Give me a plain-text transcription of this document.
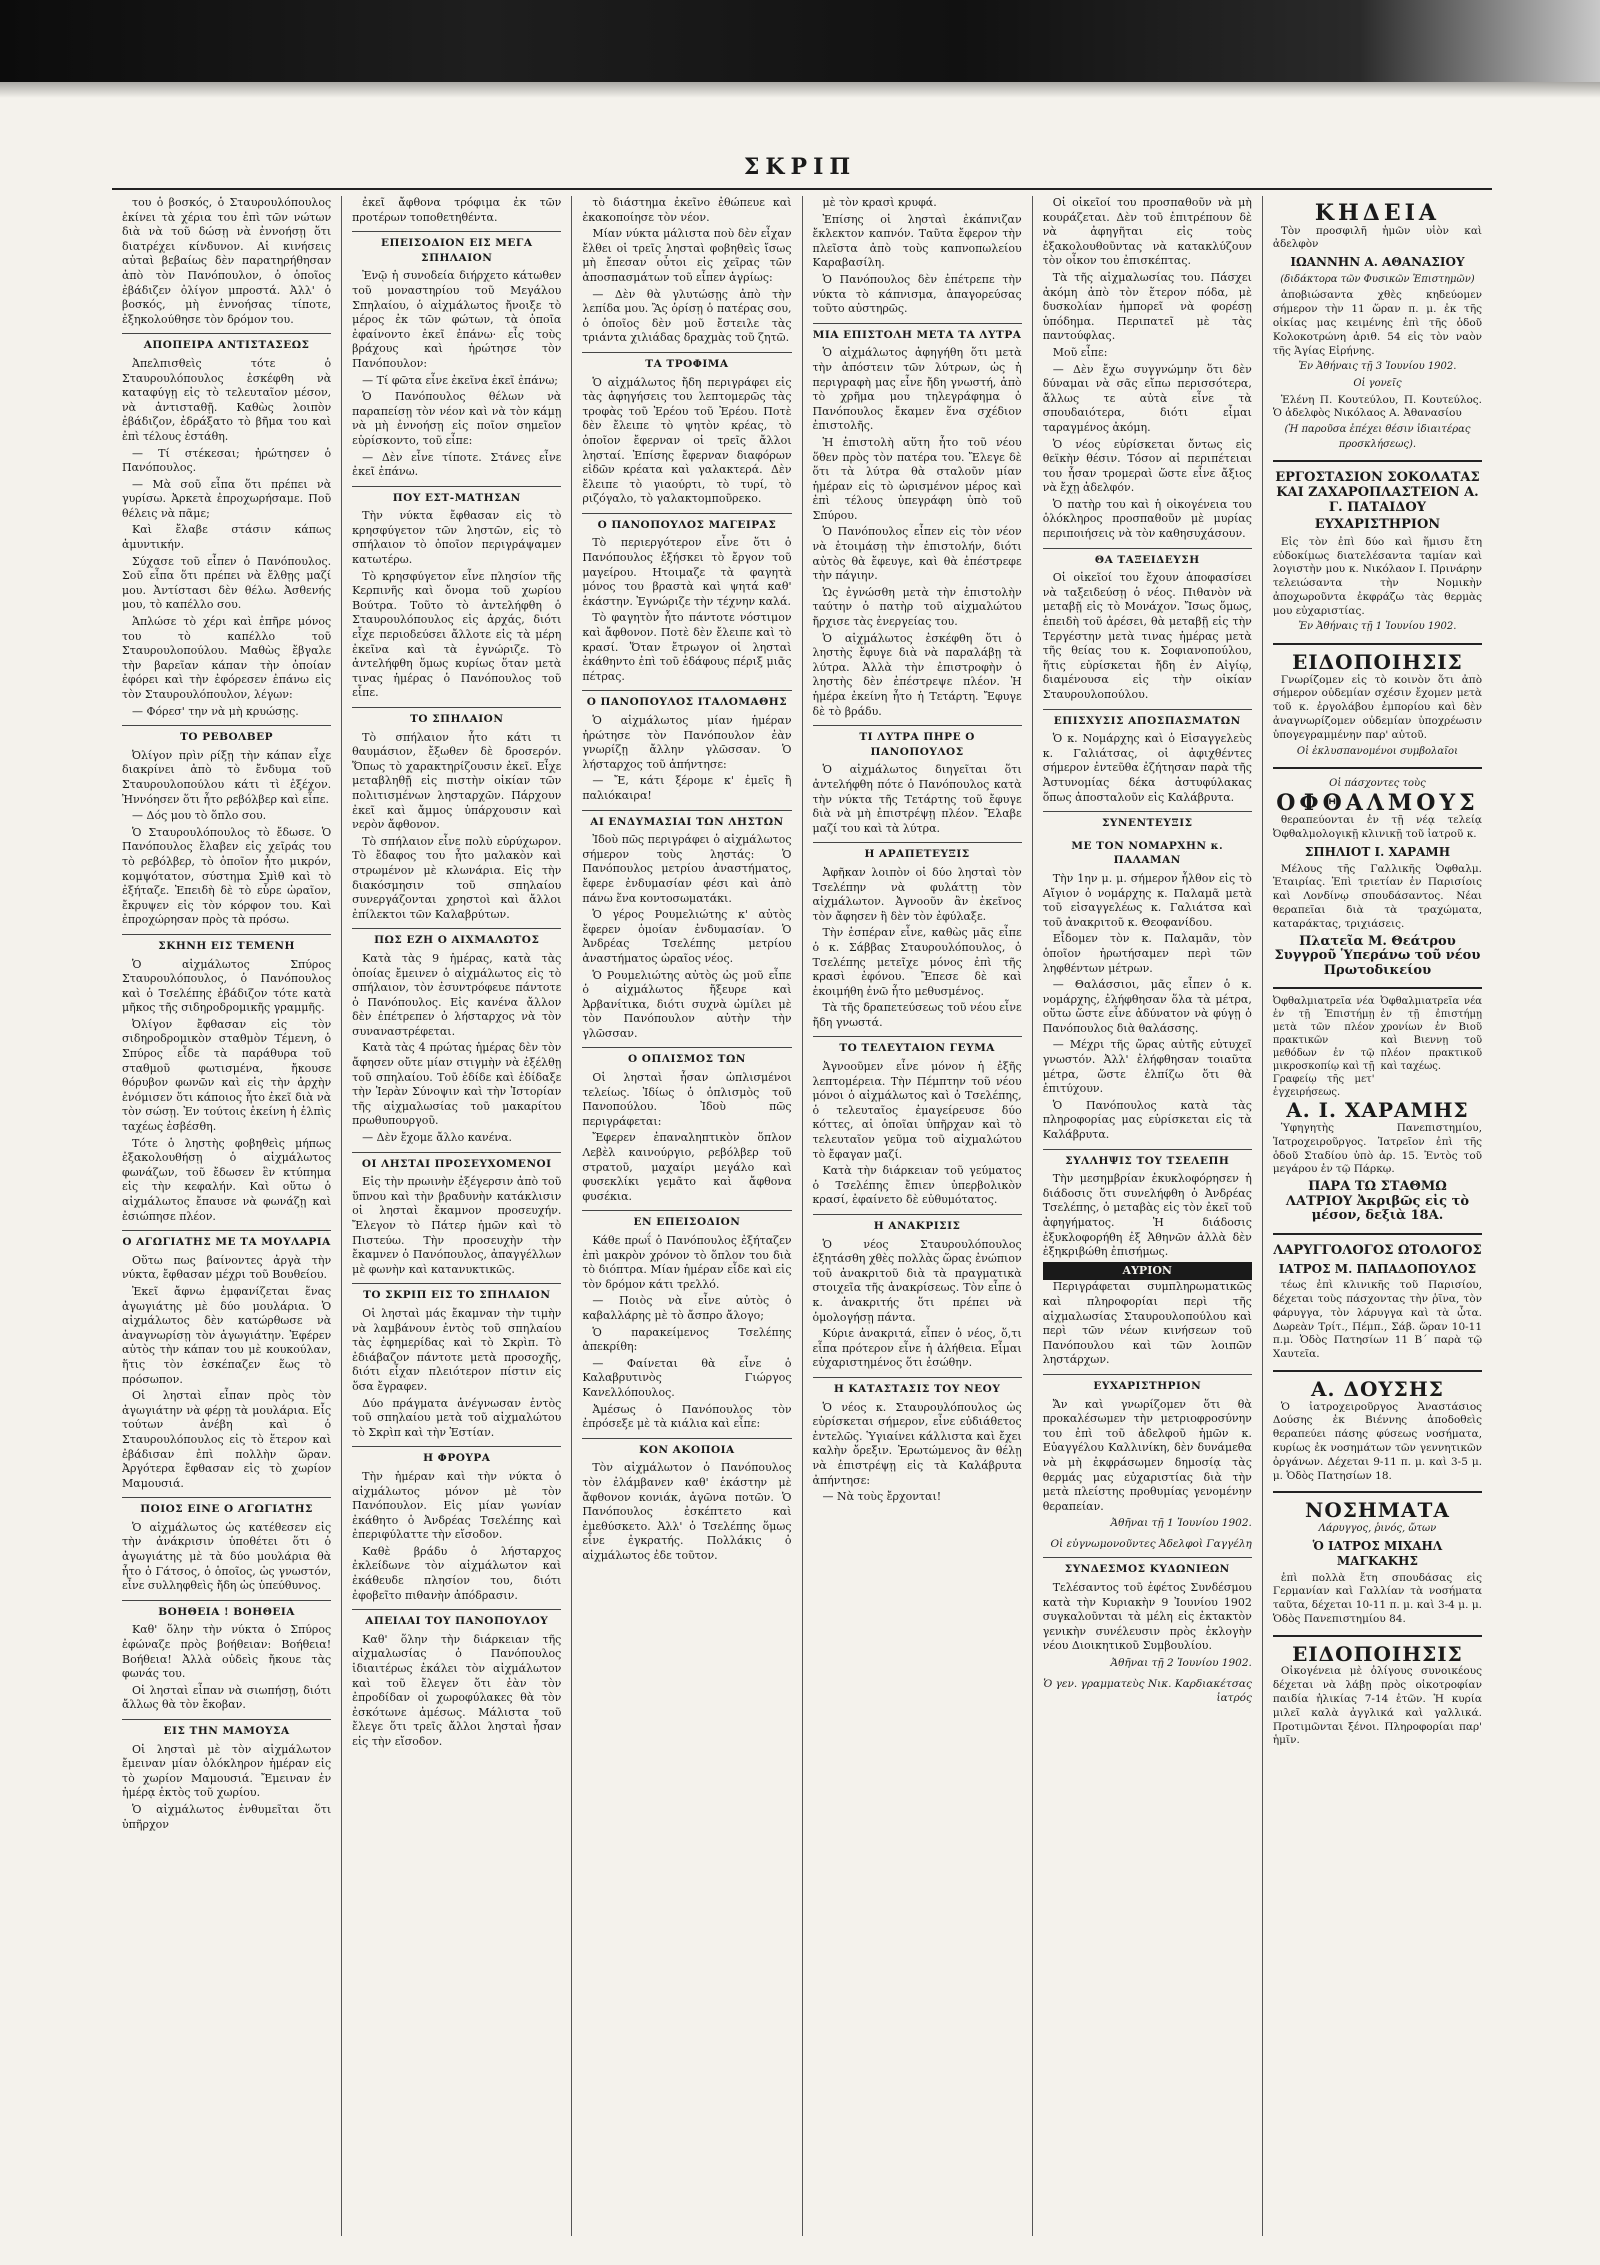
ΣΚΡΙΠ

του ὁ βοσκός, ὁ Σταυρουλόπουλος ἐκίνει τὰ χέρια του ἐπὶ τῶν νώτων διὰ νὰ τοῦ δώσῃ νὰ ἐννοήσῃ ὅτι διατρέχει κίνδυνον. Αἱ κινήσεις αὐταὶ βεβαίως δὲν παρατηρήθησαν ἀπὸ τὸν Πανόπουλον, ὁ ὁποῖος ἐβάδιζεν ὀλίγον μπροστά. Ἀλλ' ὁ βοσκός, μὴ ἐννοήσας τίποτε, ἐξηκολούθησε τὸν δρόμον του.

ΑΠΟΠΕΙΡΑ ΑΝΤΙΣΤΑΣΕΩΣ

Ἀπελπισθεὶς τότε ὁ Σταυρουλόπουλος ἐσκέφθη νὰ καταφύγῃ εἰς τὸ τελευταῖον μέσον, νὰ ἀντισταθῇ. Καθὼς λοιπὸν ἐβάδιζον, ἐδράξατο τὸ βῆμα του καὶ ἐπὶ τέλους ἐστάθη.

— Τί στέκεσαι; ἠρώτησεν ὁ Πανόπουλος.

— Μὰ σοῦ εἶπα ὅτι πρέπει νὰ γυρίσω. Ἀρκετὰ ἐπροχωρήσαμε. Ποῦ θέλεις νὰ πᾶμε;

Καὶ ἔλαβε στάσιν κάπως ἀμυντικήν.

Σύχασε τοῦ εἶπεν ὁ Πανόπουλος. Σοῦ εἶπα ὅτι πρέπει νὰ ἔλθῃς μαζί μου. Ἀντίστασι δὲν θέλω. Ἀσθενής μου, τὸ καπέλλο σου.

Ἁπλώσε τὸ χέρι καὶ ἐπῆρε μόνος του τὸ καπέλλο τοῦ Σταυρουλοπούλου. Μαθὼς ἔβγαλε τὴν βαρεῖαν κάπαν τὴν ὁποίαν ἐφόρει καὶ τὴν ἐφόρεσεν ἐπάνω εἰς τὸν Σταυρουλόπουλον, λέγων:

— Φόρεσ' την νὰ μὴ κρυώσῃς.

ΤΟ ΡΕΒΟΛΒΕΡ

Ὀλίγον πρὶν ρίξῃ τὴν κάπαν εἶχε διακρίνει ἀπὸ τὸ ἔνδυμα τοῦ Σταυρουλοπούλου κάτι τὶ ἐξέχον. Ἠννόησεν ὅτι ἦτο ρεβόλβερ καὶ εἶπε.

— Δός μου τὸ ὅπλο σου.

Ὁ Σταυρουλόπουλος τὸ ἔδωσε. Ὁ Πανόπουλος ἔλαβεν εἰς χεῖράς του τὸ ρεβόλβερ, τὸ ὁποῖον ἦτο μικρόν, κομψότατον, σύστημα Σμὶθ καὶ τὸ ἐξήταζε. Ἐπειδὴ δὲ τὸ εὗρε ὡραῖον, ἔκρυψεν εἰς τὸν κόρφον του. Καὶ ἐπροχώρησαν πρὸς τὰ πρόσω.

ΣΚΗΝΗ ΕΙΣ ΤΕΜΕΝΗ

Ὁ αἰχμάλωτος Σπύρος Σταυρουλόπουλος, ὁ Πανόπουλος καὶ ὁ Τσελέπης ἐβάδιζον τότε κατὰ μῆκος τῆς σιδηροδρομικῆς γραμμῆς.

Ὀλίγον ἔφθασαν εἰς τὸν σιδηροδρομικὸν σταθμὸν Τέμενη, ὁ Σπύρος εἶδε τὰ παράθυρα τοῦ σταθμοῦ φωτισμένα, ἤκουσε θόρυβον φωνῶν καὶ εἰς τὴν ἀρχὴν ἐνόμισεν ὅτι κάποιος ἦτο ἐκεῖ διὰ νὰ τὸν σώσῃ. Ἐν τούτοις ἐκείνη ἡ ἐλπὶς ταχέως ἐσβέσθη.

Τότε ὁ ληστὴς φοβηθεὶς μήπως ἐξακολουθήσῃ ὁ αἰχμάλωτος φωνάζων, τοῦ ἔδωσεν ἓν κτύπημα εἰς τὴν κεφαλήν. Καὶ οὕτω ὁ αἰχμάλωτος ἔπαυσε νὰ φωνάζῃ καὶ ἐσιώπησε πλέον.

Ο ΑΓΩΓΙΑΤΗΣ ΜΕ ΤΑ ΜΟΥΛΑΡΙΑ

Οὕτω πως βαίνοντες ἀργὰ τὴν νύκτα, ἔφθασαν μέχρι τοῦ Βουθείου.

Ἐκεῖ ἄφνω ἐμφανίζεται ἕνας ἀγωγιάτης μὲ δύο μουλάρια. Ὁ αἰχμάλωτος δὲν κατώρθωσε νὰ ἀναγνωρίσῃ τὸν ἀγωγιάτην. Ἐφέρεν αὐτὸς τὴν κάπαν του μὲ κουκούλαν, ἥτις τὸν ἐσκέπαζεν ἕως τὸ πρόσωπον.

Οἱ λησταὶ εἶπαν πρὸς τὸν ἀγωγιάτην νὰ φέρῃ τὰ μουλάρια. Εἷς τούτων ἀνέβη καὶ ὁ Σταυρουλόπουλος εἰς τὸ ἕτερον καὶ ἐβάδισαν ἐπὶ πολλὴν ὥραν. Ἀργότερα ἔφθασαν εἰς τὸ χωρίον Μαμουσιά.

ΠΟΙΟΣ ΕΙΝΕ Ο ΑΓΩΓΙΑΤΗΣ

Ὁ αἰχμάλωτος ὡς κατέθεσεν εἰς τὴν ἀνάκρισιν ὑποθέτει ὅτι ὁ ἀγωγιάτης μὲ τὰ δύο μουλάρια θὰ ἦτο ὁ Γάτσος, ὁ ὁποῖος, ὡς γνωστόν, εἶνε συλληφθεὶς ἤδη ὡς ὑπεύθυνος.

ΒΟΗΘΕΙΑ ! ΒΟΗΘΕΙΑ

Καθ' ὅλην τὴν νύκτα ὁ Σπύρος ἐφώναζε πρὸς βοήθειαν: Βοήθεια! Βοήθεια! Ἀλλὰ οὐδεὶς ἤκουε τὰς φωνάς του.

Οἱ λησταὶ εἶπαν νὰ σιωπήσῃ, διότι ἄλλως θὰ τὸν ἔκοβαν.

ΕΙΣ ΤΗΝ ΜΑΜΟΥΣΑ

Οἱ λησταὶ μὲ τὸν αἰχμάλωτον ἔμειναν μίαν ὁλόκληρον ἡμέραν εἰς τὸ χωρίον Μαμουσιά. Ἔμειναν ἐν ἡμέρᾳ ἐκτὸς τοῦ χωρίου.

Ὁ αἰχμάλωτος ἐνθυμεῖται ὅτι ὑπῆρχον

ἐκεῖ ἄφθονα τρόφιμα ἐκ τῶν προτέρων τοποθετηθέντα.

ΕΠΕΙΣΟΔΙΟΝ ΕΙΣ ΜΕΓΑ ΣΠΗΛΑΙΟΝ

Ἐνῷ ἡ συνοδεία διήρχετο κάτωθεν τοῦ μοναστηρίου τοῦ Μεγάλου Σπηλαίου, ὁ αἰχμάλωτος ἤνοιξε τὸ μέρος ἐκ τῶν φώτων, τὰ ὁποῖα ἐφαίνοντο ἐκεῖ ἐπάνω· εἶς τοὺς βράχους καὶ ἠρώτησε τὸν Πανόπουλον:

— Τί φῶτα εἶνε ἐκεῖνα ἐκεῖ ἐπάνω;

Ὁ Πανόπουλος θέλων νὰ παραπείσῃ τὸν νέον καὶ νὰ τὸν κάμῃ νὰ μὴ ἐννοήσῃ εἰς ποῖον σημεῖον εὑρίσκοντο, τοῦ εἶπε:

— Δὲν εἶνε τίποτε. Στάνες εἶνε ἐκεῖ ἐπάνω.

ΠΟΥ ΕΣΤ-ΜΑΤΗΣΑΝ

Τὴν νύκτα ἔφθασαν εἰς τὸ κρησφύγετον τῶν ληστῶν, εἰς τὸ σπήλαιον τὸ ὁποῖον περιγράψαμεν κατωτέρω.

Τὸ κρησφύγετον εἶνε πλησίον τῆς Κερπινῆς καὶ ὄνομα τοῦ χωρίου Βούτρα. Τοῦτο τὸ ἀντελήφθη ὁ Σταυρουλόπουλος εἰς ἀρχάς, διότι εἶχε περιοδεύσει ἄλλοτε εἰς τὰ μέρη ἐκεῖνα καὶ τὰ ἐγνώριζε. Τὸ ἀντελήφθη ὅμως κυρίως ὅταν μετὰ τινας ἡμέρας ὁ Πανόπουλος τοῦ εἶπε.

ΤΟ ΣΠΗΛΑΙΟΝ

Τὸ σπήλαιον ἦτο κάτι τι θαυμάσιον, ἔξωθεν δὲ δροσερόν. Ὅπως τὸ χαρακτηρίζουσιν ἐκεῖ. Εἶχε μεταβληθῇ εἰς πιστὴν οἰκίαν τῶν πολιτισμένων λησταρχῶν. Πάρχουν ἐκεῖ καὶ ἄμμος ὑπάρχουσιν καὶ νερὸν ἄφθονον.

Τὸ σπήλαιον εἶνε πολὺ εὐρύχωρον. Τὸ ἔδαφος του ἦτο μαλακὸν καὶ στρωμένον μὲ κλωνάρια. Εἰς τὴν διακόσμησιν τοῦ σπηλαίου συνεργάζονται χρηστοὶ καὶ ἄλλοι ἐπίλεκτοι τῶν Καλαβρύτων.

ΠΩΣ ΕΖΗ Ο ΑΙΧΜΑΛΩΤΟΣ

Κατὰ τὰς 9 ἡμέρας, κατὰ τὰς ὁποίας ἔμεινεν ὁ αἰχμάλωτος εἰς τὸ σπήλαιον, τὸν ἐσυντρόφευε πάντοτε ὁ Πανόπουλος. Εἰς κανένα ἄλλον δὲν ἐπέτρεπεν ὁ λήσταρχος νὰ τὸν συναναστρέφεται.

Κατὰ τὰς 4 πρώτας ἡμέρας δὲν τὸν ἄφησεν οὔτε μίαν στιγμὴν νὰ ἐξέλθῃ τοῦ σπηλαίου. Τοῦ ἐδίδε καὶ ἐδίδαξε τὴν Ἱερὰν Σύνοψιν καὶ τὴν Ἱστορίαν τῆς αἰχμαλωσίας τοῦ μακαρίτου πρωθυπουργοῦ.

— Δὲν ἔχομε ἄλλο κανένα.

ΟΙ ΛΗΣΤΑΙ ΠΡΟΣΕΥΧΟΜΕΝΟΙ

Εἰς τὴν πρωινὴν ἐξέγερσιν ἀπὸ τοῦ ὕπνου καὶ τὴν βραδυνὴν κατάκλισιν οἱ λησταὶ ἔκαμνον προσευχήν. Ἔλεγον τὸ Πάτερ ἡμῶν καὶ τὸ Πιστεύω. Τὴν προσευχὴν τὴν ἔκαμνεν ὁ Πανόπουλος, ἀπαγγέλλων μὲ φωνὴν καὶ κατανυκτικῶς.

ΤΟ ΣΚΡΙΠ ΕΙΣ ΤΟ ΣΠΗΛΑΙΟΝ

Οἱ λησταὶ μάς ἔκαμναν τὴν τιμὴν νὰ λαμβάνουν ἐντὸς τοῦ σπηλαίου τὰς ἐφημερίδας καὶ τὸ Σκρὶπ. Τὸ ἐδιάβαζον πάντοτε μετὰ προσοχῆς, διότι εἶχαν πλειότερον πίστιν εἰς ὅσα ἔγραφεν.

Δύο πράγματα ἀνέγνωσαν ἐντὸς τοῦ σπηλαίου μετὰ τοῦ αἰχμαλώτου τὸ Σκρὶπ καὶ τὴν Ἑστίαν.

Η ΦΡΟΥΡΑ

Τὴν ἡμέραν καὶ τὴν νύκτα ὁ αἰχμάλωτος μόνον μὲ τὸν Πανόπουλον. Εἰς μίαν γωνίαν ἐκάθητο ὁ Ἀνδρέας Τσελέπης καὶ ἐπεριφύλαττε τὴν εἴσοδον.

Καθὲ βράδυ ὁ λήσταρχος ἐκλείδωνε τὸν αἰχμάλωτον καὶ ἐκάθευδε πλησίον του, διότι ἐφοβεῖτο πιθανὴν ἀπόδρασιν.

ΑΠΕΙΛΑΙ ΤΟΥ ΠΑΝΟΠΟΥΛΟΥ

Καθ' ὅλην τὴν διάρκειαν τῆς αἰχμαλωσίας ὁ Πανόπουλος ἰδιαιτέρως ἐκάλει τὸν αἰχμάλωτον καὶ τοῦ ἔλεγεν ὅτι ἐὰν τὸν ἐπροδίδαν οἱ χωροφύλακες θὰ τὸν ἐσκότωνε ἀμέσως. Μάλιστα τοῦ ἔλεγε ὅτι τρεῖς ἄλλοι λησταὶ ἦσαν εἰς τὴν εἴσοδον.

τὸ διάστημα ἐκεῖνο ἐθώπευε καὶ ἐκακοποίησε τὸν νέον.

Μίαν νύκτα μάλιστα ποὺ δὲν εἶχαν ἔλθει οἱ τρεῖς λησταὶ φοβηθεὶς ἴσως μὴ ἔπεσαν οὗτοι εἰς χεῖρας τῶν ἀποσπασμάτων τοῦ εἶπεν ἀγρίως:

— Δὲν θὰ γλυτώσῃς ἀπὸ τὴν λεπίδα μου. Ἂς ὁρίσῃ ὁ πατέρας σου, ὁ ὁποῖος δὲν μοῦ ἔστειλε τὰς τριάντα χιλιάδας δραχμὰς τοῦ ζητῶ.

ΤΑ ΤΡΟΦΙΜΑ

Ὁ αἰχμάλωτος ἤδη περιγράφει εἰς τὰς ἀφηγήσεις του λεπτομερῶς τὰς τροφὰς τοῦ Ἐρέου τοῦ Ἐρέου. Ποτὲ δὲν ἔλειπε τὸ ψητὸν κρέας, τὸ ὁποῖον ἔφερναν οἱ τρεῖς ἄλλοι λησταί. Ἐπίσης ἔφερναν διαφόρων εἰδῶν κρέατα καὶ γαλακτερά. Δὲν ἔλειπε τὸ γιαούρτι, τὸ τυρί, τὸ ριζόγαλο, τὸ γαλακτομποῦρεκο.

Ο ΠΑΝΟΠΟΥΛΟΣ ΜΑΓΕΙΡΑΣ

Τὸ περιεργότερον εἶνε ὅτι ὁ Πανόπουλος ἐξήσκει τὸ ἔργον τοῦ μαγείρου. Ητοιμαζε τὰ φαγητὰ μόνος του βραστὰ καὶ ψητά καθ' ἑκάστην. Ἐγνώριζε τὴν τέχνην καλά.

Τὸ φαγητὸν ἦτο πάντοτε νόστιμον καὶ ἄφθονον. Ποτὲ δὲν ἔλειπε καὶ τὸ κρασί. Ὅταν ἔτρωγον οἱ λησταὶ ἐκάθηντο ἐπὶ τοῦ ἐδάφους πέριξ μιᾶς πέτρας.

Ο ΠΑΝΟΠΟΥΛΟΣ ΙΤΑΛΟΜΑΘΗΣ

Ὁ αἰχμάλωτος μίαν ἡμέραν ἠρώτησε τὸν Πανόπουλον ἐὰν γνωρίζῃ ἄλλην γλῶσσαν. Ὁ λήσταρχος τοῦ ἀπήντησε:

— Ἔ, κάτι ξέρομε κ' ἐμεῖς ἢ παλιόκαιρα!

ΑΙ ΕΝΔΥΜΑΣΙΑΙ ΤΩΝ ΛΗΣΤΩΝ

Ἰδοὺ πῶς περιγράφει ὁ αἰχμάλωτος σήμερον τοὺς ληστάς: Ὁ Πανόπουλος μετρίου ἀναστήματος, ἔφερε ἐνδυμασίαν φέσι καὶ ἀπὸ πάνω ἕνα κοντοσωματάκι.

Ὁ γέρος Ρουμελιώτης κ' αὐτὸς ἔφερεν ὁμοίαν ἐνδυμασίαν. Ὁ Ἀνδρέας Τσελέπης μετρίου ἀναστήματος ὡραῖος νέος.

Ὁ Ρουμελιώτης αὐτὸς ὡς μοῦ εἶπε ὁ αἰχμάλωτος ἤξευρε καὶ Ἀρβανίτικα, διότι συχνὰ ὡμίλει μὲ τὸν Πανόπουλον αὐτὴν τὴν γλῶσσαν.

Ο ΟΠΛΙΣΜΟΣ ΤΩΝ

Οἱ λησταὶ ἦσαν ὡπλισμένοι τελείως. Ἰδίως ὁ ὁπλισμὸς τοῦ Πανοπούλου. Ἰδοὺ πῶς περιγράφεται:

Ἔφερεν ἐπαναληπτικὸν ὅπλον Λεβὲλ καινούργιο, ρεβόλβερ τοῦ στρατοῦ, μαχαίρι μεγάλο καὶ φυσεκλίκι γεμᾶτο καὶ ἄφθονα φυσέκια.

ΕΝ ΕΠΕΙΣΟΔΙΟΝ

Κάθε πρωΐ ὁ Πανόπουλος ἐξήταζεν ἐπὶ μακρὸν χρόνον τὸ ὅπλον του διὰ τὸ διόπτρα. Μίαν ἡμέραν εἶδε καὶ εἰς τὸν δρόμον κάτι τρελλό.

— Ποιὸς νὰ εἶνε αὐτὸς ὁ καβαλλάρης μὲ τὸ ἄσπρο ἄλογο;

Ὁ παρακείμενος Τσελέπης ἀπεκρίθη:

— Φαίνεται θὰ εἶνε ὁ Καλαβρυτινὸς Γιώργος Κανελλόπουλος.

Ἀμέσως ὁ Πανόπουλος τὸν ἐπρόσεξε μὲ τὰ κιάλια καὶ εἶπε:

ΚΟΝ ΑΚΟΠΟΙΑ

Τὸν αἰχμάλωτον ὁ Πανόπουλος τὸν ἐλάμβανεν καθ' ἑκάστην μὲ ἄφθονον κονιάκ, ἀγῶνα ποτῶν. Ὁ Πανόπουλος ἐσκέπτετο καὶ ἐμεθύσκετο. Ἀλλ' ὁ Τσελέπης ὅμως εἶνε ἐγκρατής. Πολλάκις ὁ αἰχμάλωτος ἐδε τοῦτον.

μὲ τὸν κρασὶ κρυφά.

Ἐπίσης οἱ λησταὶ ἐκάπνιζαν ἔκλεκτον καπνόν. Ταῦτα ἔφερον τὴν πλεῖστα ἀπὸ τοὺς καπνοπωλείου Καραβασίλη.

Ὁ Πανόπουλος δὲν ἐπέτρεπε τὴν νύκτα τὸ κάπνισμα, ἀπαγορεύσας τοῦτο αὐστηρῶς.

ΜΙΑ ΕΠΙΣΤΟΛΗ ΜΕΤΑ ΤΑ ΛΥΤΡΑ

Ὁ αἰχμάλωτος ἀφηγήθη ὅτι μετὰ τὴν ἀπόστειν τῶν λύτρων, ὡς ἡ περιγραφὴ μας εἶνε ἤδη γνωστή, ἀπὸ τὸ χρῆμα μου τηλεγράφημα ὁ Πανόπουλος ἔκαμεν ἕνα σχέδιον ἐπιστολῆς.

Ἡ ἐπιστολὴ αὕτη ἦτο τοῦ νέου ὅθεν πρὸς τὸν πατέρα του. Ἔλεγε δὲ ὅτι τὰ λύτρα θὰ σταλοῦν μίαν ἡμέραν εἰς τὸ ὡρισμένον μέρος καὶ ἐπὶ τέλους ὑπεγράφη ὑπὸ τοῦ Σπύρου.

Ὁ Πανόπουλος εἶπεν εἰς τὸν νέον νὰ ἑτοιμάσῃ τὴν ἐπιστολήν, διότι αὐτὸς θὰ ἔφευγε, καὶ θὰ ἐπέστρεφε τὴν πάγιην.

Ὡς ἐγνώσθη μετὰ τὴν ἐπιστολὴν ταύτην ὁ πατὴρ τοῦ αἰχμαλώτου ἤρχισε τὰς ἐνεργείας του.

Ὁ αἰχμάλωτος ἐσκέφθη ὅτι ὁ ληστὴς ἔφυγε διὰ νὰ παραλάβῃ τὰ λύτρα. Ἀλλὰ τὴν ἐπιστροφὴν ὁ ληστὴς δὲν ἐπέστρεψε πλέον. Ἡ ἡμέρα ἐκείνη ἦτο ἡ Τετάρτη. Ἔφυγε δὲ τὸ βράδυ.

ΤΙ ΛΥΤΡΑ ΠΗΡΕ Ο ΠΑΝΟΠΟΥΛΟΣ

Ὁ αἰχμάλωτος διηγεῖται ὅτι ἀντελήφθη πότε ὁ Πανόπουλος κατὰ τὴν νύκτα τῆς Τετάρτης τοῦ ἔφυγε διὰ νὰ μὴ ἐπιστρέψῃ πλέον. Ἔλαβε μαζί του καὶ τὰ λύτρα.

Η ΑΡΑΠΕΤΕΥΞΙΣ

Ἀφῆκαν λοιπὸν οἱ δύο λησταὶ τὸν Τσελέπην νὰ φυλάττῃ τὸν αἰχμάλωτον. Ἀγνοοῦν ἂν ἐκεῖνος τὸν ἄφησεν ἢ δὲν τὸν ἐφύλαξε.

Τὴν ἑσπέραν εἶνε, καθὼς μᾶς εἶπε ὁ κ. Σάββας Σταυρουλόπουλος, ὁ Τσελέπης μετεῖχε μόνος ἐπὶ τῆς κρασὶ ἐφόνου. Ἔπεσε δὲ καὶ ἐκοιμήθη ἐνῶ ἦτο μεθυσμένος.

Τὰ τῆς δραπετεύσεως τοῦ νέου εἶνε ἤδη γνωστά.

ΤΟ ΤΕΛΕΥΤΑΙΟΝ ΓΕΥΜΑ

Ἀγνοοῦμεν εἶνε μόνον ἡ ἐξῆς λεπτομέρεια. Τὴν Πέμπτην τοῦ νέου μόνοι ὁ αἰχμάλωτος καὶ ὁ Τσελέπης, ὁ τελευταῖος ἐμαγείρευσε δύο κόττες, αἱ ὁποῖαι ὑπῆρχαν καὶ τὸ τελευταῖον γεῦμα τοῦ αἰχμαλώτου τὸ ἔφαγαν μαζί.

Κατὰ τὴν διάρκειαν τοῦ γεύματος ὁ Τσελέπης ἔπιεν ὑπερβολικὸν κρασί, ἐφαίνετο δὲ εὐθυμότατος.

Η ΑΝΑΚΡΙΣΙΣ

Ὁ νέος Σταυρουλόπουλος ἐξητάσθη χθὲς πολλὰς ὥρας ἐνώπιον τοῦ ἀνακριτοῦ διὰ τὰ πραγματικὰ στοιχεῖα τῆς ἀνακρίσεως. Τὸν εἶπε ὁ κ. ἀνακριτής ὅτι πρέπει νὰ ὁμολογήσῃ πάντα.

Κύριε ἀνακριτά, εἶπεν ὁ νέος, ὅ,τι εἶπα πρότερον εἶνε ἡ ἀλήθεια. Εἶμαι εὐχαριστημένος ὅτι ἐσώθην.

Η ΚΑΤΑΣΤΑΣΙΣ ΤΟΥ ΝΕΟΥ

Ὁ νέος κ. Σταυρουλόπουλος ὡς εὑρίσκεται σήμερον, εἶνε εὐδιάθετος ἐντελῶς. Ὑγιαίνει κάλλιστα καὶ ἔχει καλὴν ὄρεξιν. Ἐρωτώμενος ἂν θέλῃ νὰ ἐπιστρέψῃ εἰς τὰ Καλάβρυτα ἀπήντησε:

— Νὰ τοὺς ἔρχονται!

Οἱ οἰκεῖοί του προσπαθοῦν νὰ μὴ κουράζεται. Δὲν τοῦ ἐπιτρέπουν δὲ νὰ ἀφηγῆται εἰς τοὺς ἐξακολουθοῦντας νὰ κατακλύζουν τὸν οἶκον του ἐπισκέπτας.

Τὰ τῆς αἰχμαλωσίας του. Πάσχει ἀκόμη ἀπὸ τὸν ἕτερον πόδα, μὲ δυσκολίαν ἠμπορεῖ νὰ φορέσῃ ὑπόδημα. Περιπατεῖ μὲ τὰς παντούφλας.

Μοῦ εἶπε:

— Δὲν ἔχω συγγνώμην ὅτι δὲν δύναμαι νὰ σᾶς εἴπω περισσότερα, ἄλλως τε αὐτὰ εἶνε τὰ σπουδαιότερα, διότι εἶμαι ταραγμένος ἀκόμη.

Ὁ νέος εὑρίσκεται ὄντως εἰς θεϊκὴν θέσιν. Τόσον αἱ περιπέτειαι του ἦσαν τρομεραὶ ὥστε εἶνε ἄξιος νὰ ἔχῃ ἀδελφόν.

Ὁ πατὴρ του καὶ ἡ οἰκογένεια του ὁλόκληρος προσπαθοῦν μὲ μυρίας περιποιήσεις νὰ τὸν καθησυχάσουν.

ΘΑ ΤΑΞΕΙΔΕΥΣΗ

Οἱ οἰκεῖοί του ἔχουν ἀποφασίσει νὰ ταξειδεύσῃ ὁ νέος. Πιθανὸν νὰ μεταβῇ εἰς τὸ Μονάχον. Ἴσως ὅμως, ἐπειδὴ τοῦ ἀρέσει, θὰ μεταβῇ εἰς τὴν Τεργέστην μετὰ τινας ἡμέρας μετὰ τῆς θείας του κ. Σοφιανοπούλου, ἥτις εὑρίσκεται ἤδη ἐν Αἰγίῳ, διαμένουσα εἰς τὴν οἰκίαν Σταυρουλοπούλου.

ΕΠΙΣΧΥΣΙΣ ΑΠΟΣΠΑΣΜΑΤΩΝ

Ὁ κ. Νομάρχης καὶ ὁ Εἰσαγγελεὺς κ. Γαλιάτσας, οἱ ἀφιχθέντες σήμερον ἐντεῦθα ἐζήτησαν παρὰ τῆς Ἀστυνομίας δέκα ἀστυφύλακας ὅπως ἀποσταλοῦν εἰς Καλάβρυτα.

ΣΥΝΕΝΤΕΥΞΙΣ
ΜΕ ΤΟΝ ΝΟΜΑΡΧΗΝ κ. ΠΑΛΑΜΑΝ

Τὴν 1ην μ. μ. σήμερον ἦλθον εἰς τὸ Αἴγιον ὁ νομάρχης κ. Παλαμᾶ μετὰ τοῦ εἰσαγγελέως κ. Γαλιάτσα καὶ τοῦ ἀνακριτοῦ κ. Θεοφανίδου.

Εἶδομεν τὸν κ. Παλαμᾶν, τὸν ὁποῖον ἠρωτήσαμεν περὶ τῶν ληφθέντων μέτρων.

— Θαλάσσιοι, μᾶς εἶπεν ὁ κ. νομάρχης, ἐλήφθησαν ὅλα τὰ μέτρα, οὕτω ὥστε εἶνε ἀδύνατον νὰ φύγῃ ὁ Πανόπουλος διὰ θαλάσσης.

— Μέχρι τῆς ὥρας αὐτῆς εὐτυχεῖ γνωστόν. Ἀλλ' ἐλήφθησαν τοιαῦτα μέτρα, ὥστε ἐλπίζω ὅτι θὰ ἐπιτύχουν.

Ὁ Πανόπουλος κατὰ τὰς πληροφορίας μας εὑρίσκεται εἰς τὰ Καλάβρυτα.

ΣΥΛΛΗΨΙΣ ΤΟΥ ΤΣΕΛΕΠΗ

Τὴν μεσημβρίαν ἐκυκλοφόρησεν ἡ διάδοσις ὅτι συνελήφθη ὁ Ἀνδρέας Τσελέπης, ὁ μεταβὰς εἰς τὸν ἐκεῖ τοῦ ἀφηγήματος. Ἡ διάδοσις ἐξυκλοφορήθη ἐξ Ἀθηνῶν ἀλλὰ δὲν ἐξηκριβώθη ἐπισήμως.

ΑΥΡΙΟΝ

Περιγράφεται συμπληρωματικῶς καὶ πληροφορίαι περὶ τῆς αἰχμαλωσίας Σταυρουλοπούλου καὶ περὶ τῶν νέων κινήσεων τοῦ Πανόπουλου καὶ τῶν λοιπῶν ληστάρχων.

ΕΥΧΑΡΙΣΤΗΡΙΟΝ

Ἄν καὶ γνωρίζομεν ὅτι θὰ προκαλέσωμεν τὴν μετριοφροσύνην του ἐπὶ τοῦ ἀδελφοῦ ἡμῶν κ. Εὐαγγέλου Καλλινίκη, δὲν δυνάμεθα νὰ μὴ ἐκφράσωμεν δημοσίᾳ τὰς θερμάς μας εὐχαριστίας διὰ τὴν μετὰ πλείστης προθυμίας γενομένην θεραπείαν.

Ἀθῆναι τῇ 1 Ἰουνίου 1902.
Οἱ εὐγνωμονοῦντες Ἀδελφοὶ Γαγγέλη
ΣΥΝΔΕΣΜΟΣ ΚΥΔΩΝΙΕΩΝ

Τελέσαντος τοῦ ἐφέτος Συνδέσμου κατὰ τὴν Κυριακὴν 9 Ἰουνίου 1902 συγκαλοῦνται τὰ μέλη εἰς ἐκτακτὸν γενικὴν συνέλευσιν πρὸς ἐκλογὴν νέου Διοικητικοῦ Συμβουλίου.

Ἀθῆναι τῇ 2 Ἰουνίου 1902.
Ὁ γεν. γραμματεὺς Νικ. Καρδιακέτσας ἰατρός
ΚΗΔΕΙΑ
Τὸν προσφιλῆ ἡμῶν υἱὸν καὶ ἀδελφὸν
ΙΩΑΝΝΗΝ Α. ΑΘΑΝΑΣΙΟΥ
(διδάκτορα τῶν Φυσικῶν Ἐπιστημῶν)
ἀποβιώσαντα χθὲς κηδεύομεν σήμερον τὴν 11 ὥραν π. μ. ἐκ τῆς οἰκίας μας κειμένης ἐπὶ τῆς ὁδοῦ Κολοκοτρώνη ἀριθ. 54 εἰς τὸν ναὸν τῆς Ἁγίας Εἰρήνης.
Ἐν Ἀθήναις τῇ 3 Ἰουνίου 1902.
Οἱ γονεῖς
Ἑλένη Π. Κουτεύλου, Π. Κουτεύλος. Ὁ ἀδελφὸς Νικόλαος Α. Ἀθανασίου
(Ἡ παροῦσα ἐπέχει θέσιν ἰδιαιτέρας προσκλήσεως).
ΕΡΓΟΣΤΑΣΙΟΝ ΣΟΚΟΛΑΤΑΣ ΚΑΙ ΖΑΧΑΡΟΠΛΑΣΤΕΙΟΝ Α. Γ. ΠΑΤΑΙΔΟΥ
ΕΥΧΑΡΙΣΤΗΡΙΟΝ
Εἰς τὸν ἐπὶ δύο καὶ ἥμισυ ἔτη εὐδοκίμως διατελέσαντα ταμίαν καὶ λογιστὴν μου κ. Νικόλαον Ι. Πρινάρην τελειώσαντα τὴν Νομικὴν ἀποχωροῦντα ἐκφράζω τὰς θερμὰς μου εὐχαριστίας.
Ἐν Ἀθήναις τῇ 1 Ἰουνίου 1902.
ΕΙΔΟΠΟΙΗΣΙΣ
Γνωρίζομεν εἰς τὸ κοινὸν ὅτι ἀπὸ σήμερον οὐδεμίαν σχέσιν ἔχομεν μετὰ τοῦ κ. ἐργολάβου ἐμπορίου καὶ δὲν ἀναγνωρίζομεν οὐδεμίαν ὑποχρέωσιν ὑπογεγραμμένην παρ' αὐτοῦ.
Οἱ ἐκλυσπανομένοι συμβολαῖοι
Οἱ πάσχοντες τοὺς
ΟΦΘΑΛΜΟΥΣ
θεραπεύονται ἐν τῇ νέᾳ τελείᾳ Ὀφθαλμολογικῇ κλινικῇ τοῦ ἰατροῦ κ.
ΣΠΗΛΙΟΤ Ι. ΧΑΡΑΜΗ
Μέλους τῆς Γαλλικῆς Ὀφθαλμ. Ἑταιρίας. Ἐπὶ τριετίαν ἐν Παρισίοις καὶ Λονδίνῳ σπουδάσαντος. Νέαι θεραπεῖαι διὰ τὰ τραχώματα, καταράκτας, τριχιάσεις.
Πλατεῖα Μ. Θεάτρου Συγγροῦ Ὑπεράνω τοῦ νέου Πρωτοδικείου
Ὀφθαλμιατρεῖα νέα ἐν τῇ Ἐπιστήμῃ μετὰ τῶν πλέον πρακτικῶν μεθόδων ἐν τῷ μικροσκοπίῳ καὶ τῇ Γραφείῳ τῆς μετ' ἐγχειρήσεως.
Ὀφθαλμιατρεῖα νέα ἐν τῇ ἐπιστήμῃ χρονίων ἐν Βιοῦ καὶ Βιεννῃ τοῦ πλέον πρακτικοῦ καὶ ταχέως.
Α. Ι. ΧΑΡΑΜΗΣ
Ὑφηγητὴς Πανεπιστημίου, Ἰατροχειροῦργος. Ἰατρεῖον ἐπὶ τῆς ὁδοῦ Σταδίου ὑπὸ ἀρ. 15. Ἐντὸς τοῦ μεγάρου ἐν τῷ Πάρκῳ.
ΠΑΡΑ ΤΩ ΣΤΑΘΜΩ ΛΑΤΡΙΟΥ Ἀκριβῶς εἰς τὸ μέσον, δεξιὰ 18Α.
ΛΑΡΥΓΓΟΛΟΓΟΣ ΩΤΟΛΟΓΟΣ
ΙΑΤΡΟΣ Μ. ΠΑΠΑΔΟΠΟΥΛΟΣ
τέως ἐπὶ κλινικῆς τοῦ Παρισίου, δέχεται τοὺς πάσχοντας τὴν ῥῖνα, τὸν φάρυγγα, τὸν λάρυγγα καὶ τὰ ὦτα. Δωρεὰν Τρίτ., Πέμπ., Σάβ. ὥραν 10-11 π.μ. Ὁδὸς Πατησίων 11 Β΄ παρὰ τῷ Χαυτεῖα.
Α. ΔΟΥΣΗΣ
Ὁ ἰατροχειροῦργος Ἀναστάσιος Δούσης ἐκ Βιέννης ἀποδοθεὶς θεραπεύει πάσης φύσεως νοσήματα, κυρίως ἐκ νοσημάτων τῶν γεννητικῶν ὀργάνων. Δέχεται 9-11 π. μ. καὶ 3-5 μ. μ. Ὁδὸς Πατησίων 18.
ΝΟΣΗΜΑΤΑ
Λάρυγγος, ῥινός, ὤτων
Ὁ ΙΑΤΡΟΣ ΜΙΧΑΗΛ ΜΑΓΚΑΚΗΣ
ἐπὶ πολλὰ ἔτη σπουδάσας εἰς Γερμανίαν καὶ Γαλλίαν τὰ νοσήματα ταῦτα, δέχεται 10-11 π. μ. καὶ 3-4 μ. μ. Ὁδὸς Πανεπιστημίου 84.
ΕΙΔΟΠΟΙΗΣΙΣ
Οἰκογένεια μὲ ὀλίγους συνοικέους δέχεται νὰ λάβῃ πρὸς οἰκοτροφίαν παιδία ἡλικίας 7-14 ἐτῶν. Ἡ κυρία μιλεῖ καλὰ ἀγγλικά καὶ γαλλικά. Προτιμῶνται ξένοι. Πληροφορίαι παρ' ἡμῖν.
